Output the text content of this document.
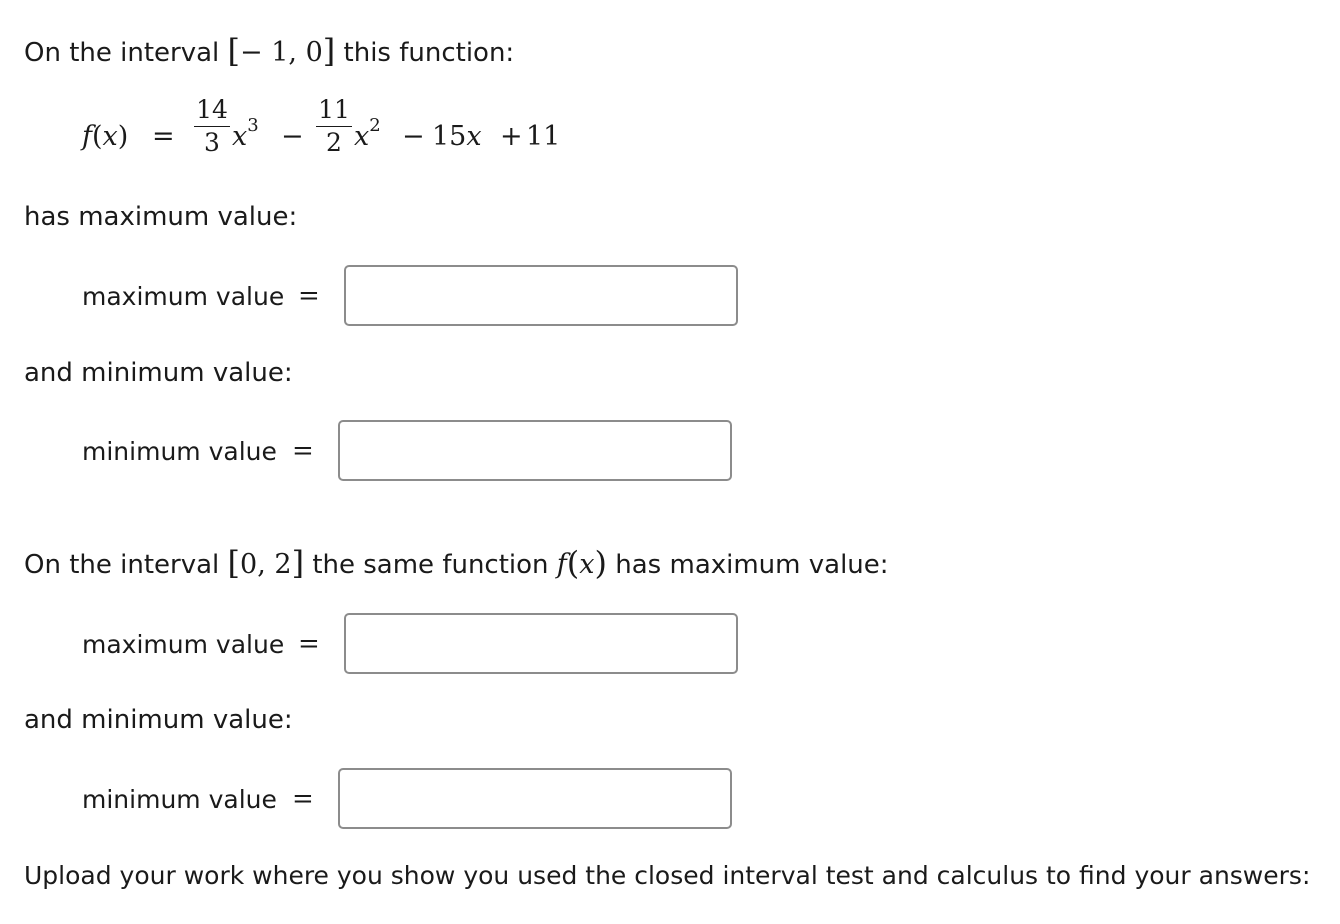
On the interval [− 1, 0] this function:
f(x) =
14
3 $x^3$ −
11
2 $x^2 - 15x + 11$
has maximum value:
maximum value =
and minimum value:
minimum value =
On the interval [0, 2] the same function f(x) has maximum value:
maximum value =
and minimum value:
minimum value =
Upload your work where you show you used the closed interval test and calculus to find your answers:
